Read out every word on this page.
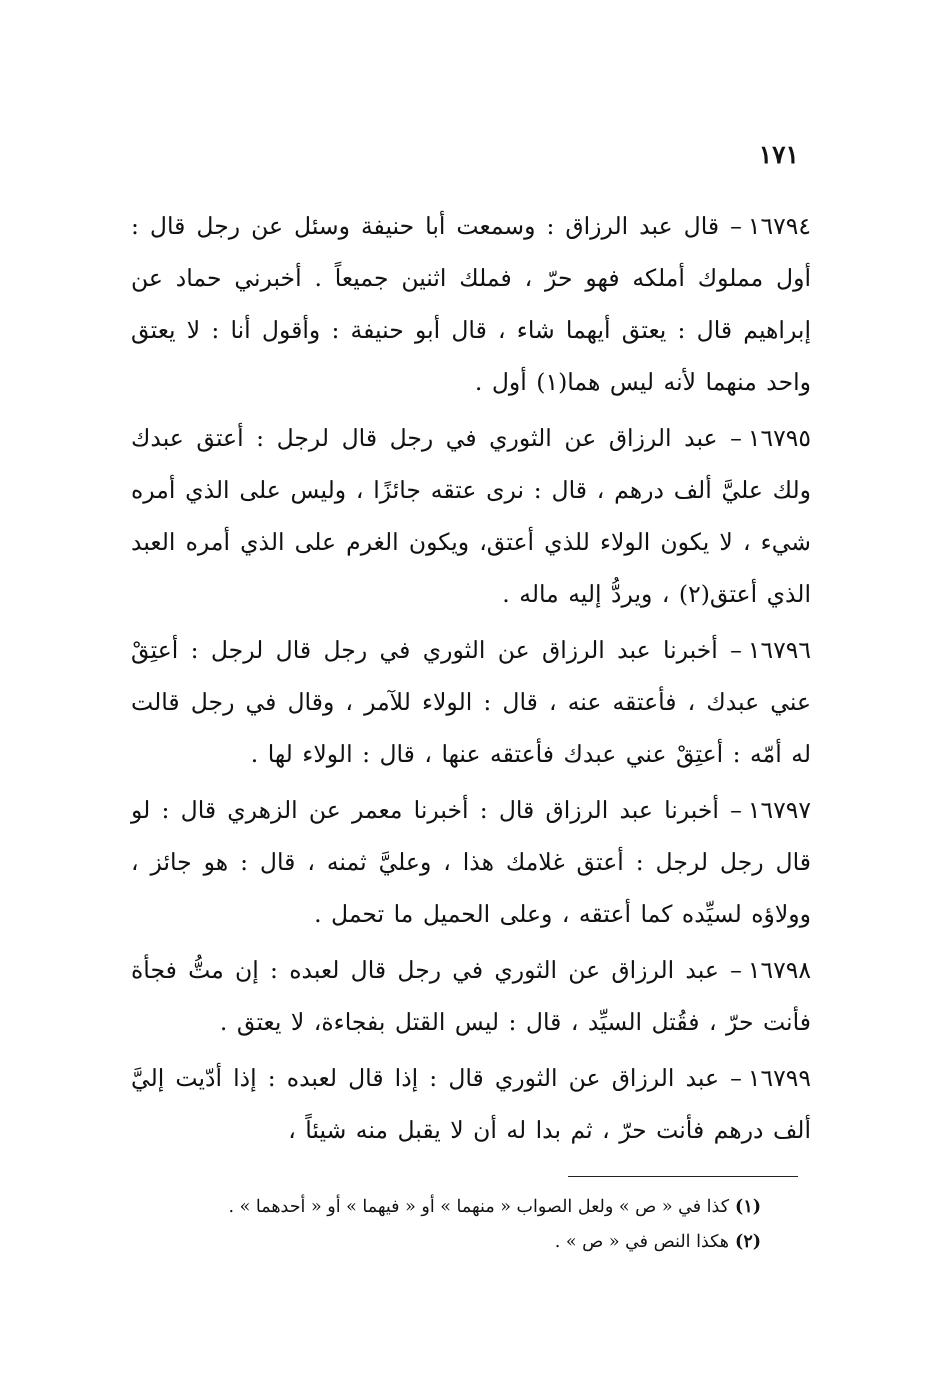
١٧١

١٦٧٩٤– قال عبد الرزاق : وسمعت أبا حنيفة وسئل عن رجل قال : أول مملوك أملكه فهو حرّ ، فملك اثنين جميعاً . أخبرني حماد عن إبراهيم قال : يعتق أيهما شاء ، قال أبو حنيفة : وأقول أنا : لا يعتق واحد منهما لأنه ليس هما(١) أول .

١٦٧٩٥– عبد الرزاق عن الثوري في رجل قال لرجل : أعتق عبدك ولك عليَّ ألف درهم ، قال : نرى عتقه جائزًا ، وليس على الذي أمره شيء ، لا يكون الولاء للذي أعتق، ويكون الغرم على الذي أمره العبد الذي أعتق(٢) ، ويردُّ إليه ماله .

١٦٧٩٦– أخبرنا عبد الرزاق عن الثوري في رجل قال لرجل : أعتِقْ عني عبدك ، فأعتقه عنه ، قال : الولاء للآمر ، وقال في رجل قالت له أمّه : أعتِقْ عني عبدك فأعتقه عنها ، قال : الولاء لها .

١٦٧٩٧– أخبرنا عبد الرزاق قال : أخبرنا معمر عن الزهري قال : لو قال رجل لرجل : أعتق غلامك هذا ، وعليَّ ثمنه ، قال : هو جائز ، وولاؤه لسيِّده كما أعتقه ، وعلى الحميل ما تحمل .

١٦٧٩٨– عبد الرزاق عن الثوري في رجل قال لعبده : إن متُّ فجأة فأنت حرّ ، فقُتل السيِّد ، قال : ليس القتل بفجاءة، لا يعتق .

١٦٧٩٩– عبد الرزاق عن الثوري قال : إذا قال لعبده : إذا أدّيت إليَّ ألف درهم فأنت حرّ ، ثم بدا له أن لا يقبل منه شيئاً ،

(١)كذا في « ص » ولعل الصواب « منهما » أو « فيهما » أو « أحدهما » .

(٢)هكذا النص في « ص » .
